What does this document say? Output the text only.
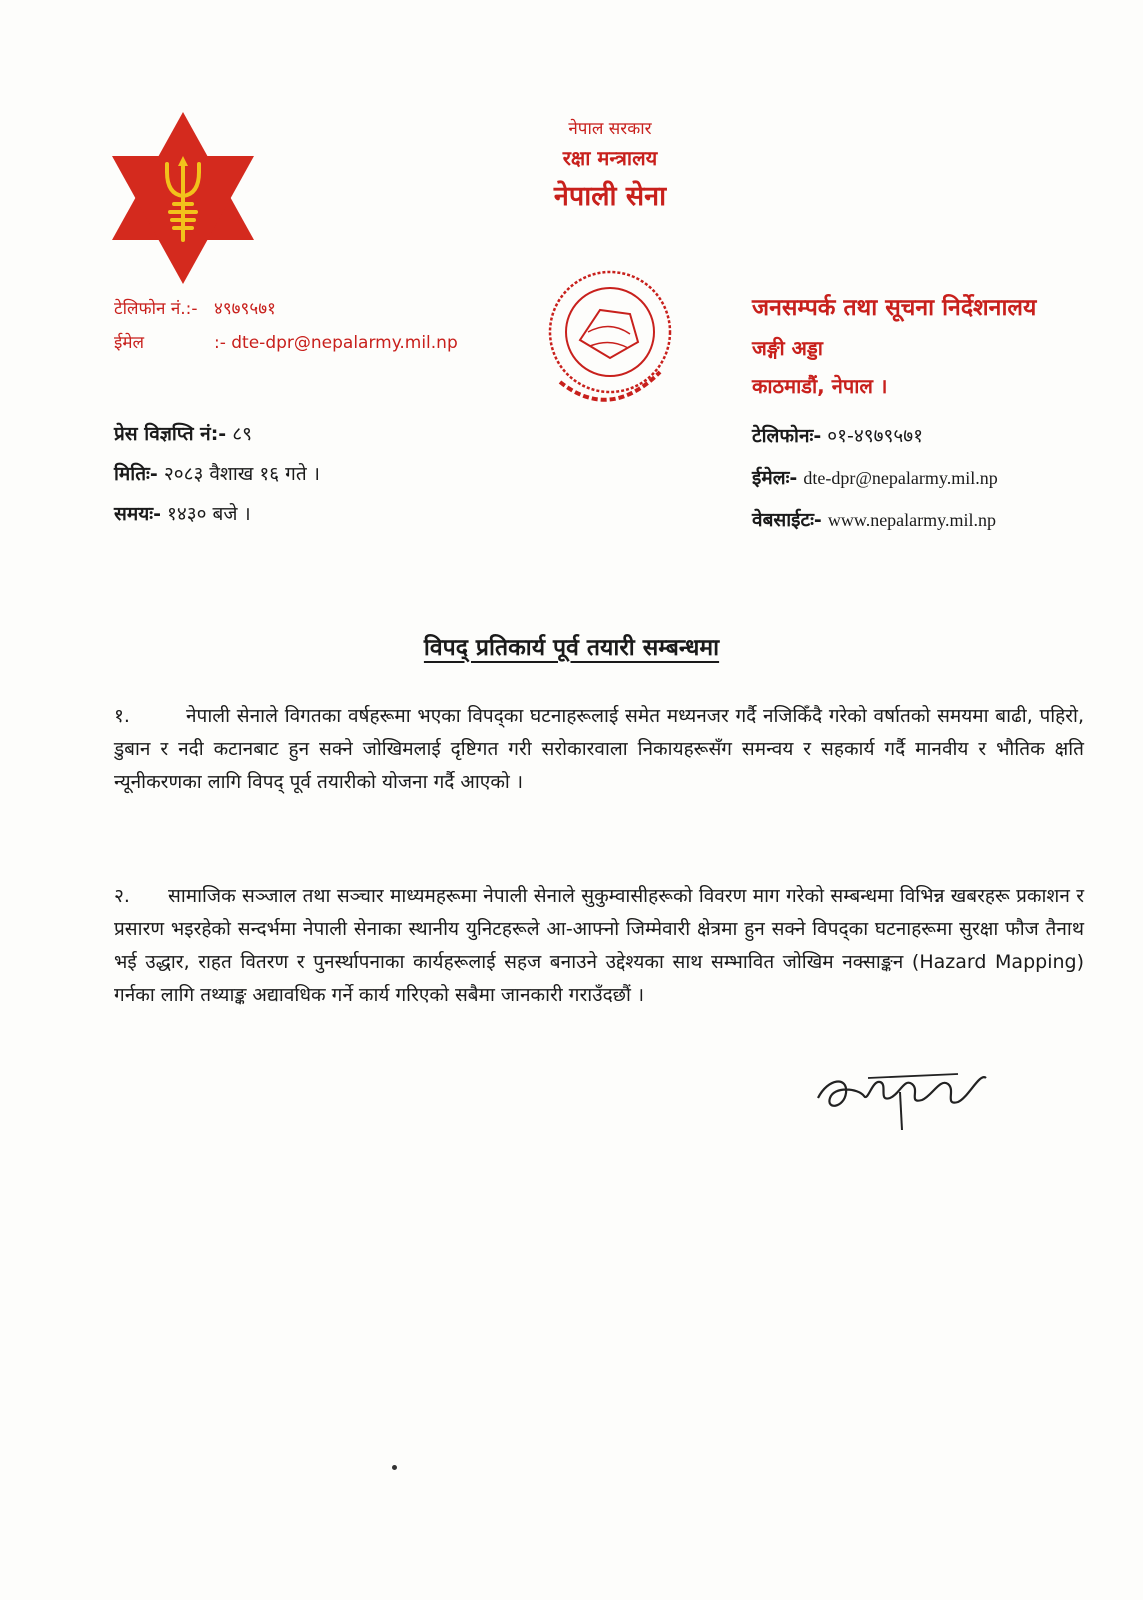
नेपाल सरकार
रक्षा मन्त्रालय
नेपाली सेना
टेलिफोन नं.:- ४९७९५७१
ईमेल	:- dte-dpr@nepalarmy.mil.np
जनसम्पर्क तथा सूचना निर्देशनालय
जङ्गी अड्डा
काठमाडौं, नेपाल ।
प्रेस विज्ञप्ति नं:- ८९
मितिः- २०८३ वैशाख १६ गते ।
समयः- १४३० बजे ।
टेलिफोनः- ०१-४९७९५७१
ईमेलः- dte-dpr@nepalarmy.mil.np
वेबसाईटः- www.nepalarmy.mil.np
विपद् प्रतिकार्य पूर्व तयारी सम्बन्धमा
१.	नेपाली सेनाले विगतका वर्षहरूमा भएका विपद्का घटनाहरूलाई समेत मध्यनजर गर्दै नजिकिँदै गरेको वर्षातको समयमा बाढी, पहिरो, डुबान र नदी कटानबाट हुन सक्ने जोखिमलाई दृष्टिगत गरी सरोकारवाला निकायहरूसँग समन्वय र सहकार्य गर्दै मानवीय र भौतिक क्षति न्यूनीकरणका लागि विपद् पूर्व तयारीको योजना गर्दै आएको ।
२. सामाजिक सञ्जाल तथा सञ्चार माध्यमहरूमा नेपाली सेनाले सुकुम्वासीहरूको विवरण माग गरेको सम्बन्धमा विभिन्न खबरहरू प्रकाशन र प्रसारण भइरहेको सन्दर्भमा नेपाली सेनाका स्थानीय युनिटहरूले आ-आफ्नो जिम्मेवारी क्षेत्रमा हुन सक्ने विपद्का घटनाहरूमा सुरक्षा फौज तैनाथ भई उद्धार, राहत वितरण र पुनर्स्थापनाका कार्यहरूलाई सहज बनाउने उद्देश्यका साथ सम्भावित जोखिम नक्साङ्कन (Hazard Mapping) गर्नका लागि तथ्याङ्क अद्यावधिक गर्ने कार्य गरिएको सबैमा जानकारी गराउँदछौं ।
